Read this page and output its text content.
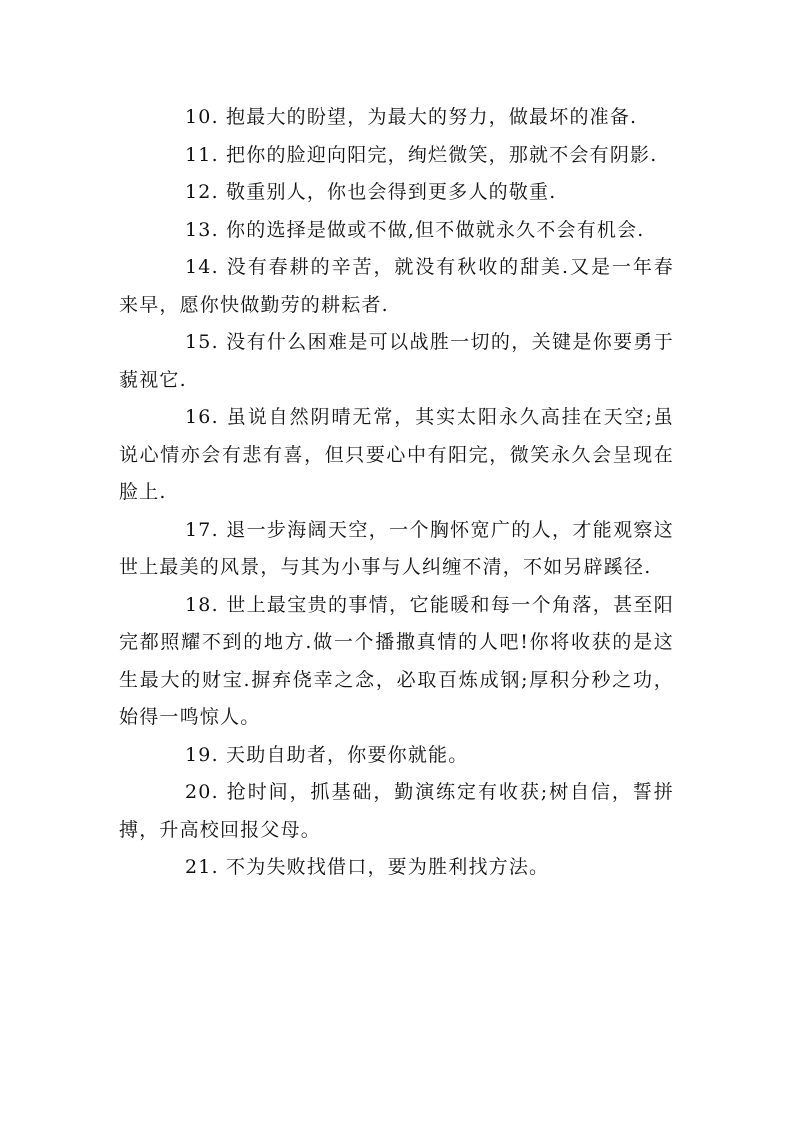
10. 抱最大的盼望，为最大的努力，做最坏的准备.

11. 把你的脸迎向阳完，绚烂微笑，那就不会有阴影.

12. 敬重别人，你也会得到更多人的敬重.

13. 你的选择是做或不做,但不做就永久不会有机会.

14. 没有春耕的辛苦，就没有秋收的甜美.又是一年春来早，愿你快做勤劳的耕耘者.

15. 没有什么困难是可以战胜一切的，关键是你要勇于藐视它.

16. 虽说自然阴晴无常，其实太阳永久高挂在天空;虽说心情亦会有悲有喜，但只要心中有阳完，微笑永久会呈现在脸上.

17. 退一步海阔天空，一个胸怀宽广的人，才能观察这世上最美的风景，与其为小事与人纠缠不清，不如另辟蹊径.

18. 世上最宝贵的事情，它能暖和每一个角落，甚至阳完都照耀不到的地方.做一个播撒真情的人吧!你将收获的是这生最大的财宝.摒弃侥幸之念，必取百炼成钢;厚积分秒之功，始得一鸣惊人。

19. 天助自助者，你要你就能。

20. 抢时间，抓基础，勤演练定有收获;树自信，誓拼搏，升高校回报父母。

21. 不为失败找借口，要为胜利找方法。
